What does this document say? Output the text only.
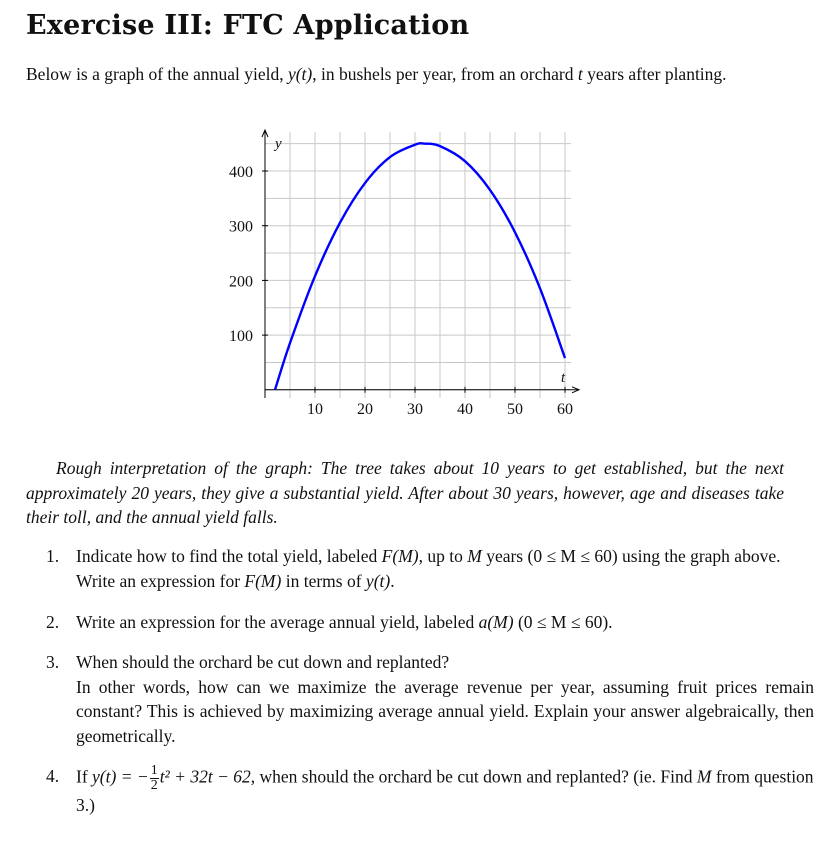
Exercise III: FTC Application
Below is a graph of the annual yield, y(t), in bushels per year, from an orchard t years after planting.
10 20 30 40 50 60
100
200
300
400
t
y
Rough interpretation of the graph: The tree takes about 10 years to get established, but the next approximately 20 years, they give a substantial yield. After about 30 years, however, age and diseases take their toll, and the annual yield falls.
1. Indicate how to find the total yield, labeled F(M), up to M years (0 ≤ M ≤ 60) using the graph above. Write an expression for F(M) in terms of y(t).
2. Write an expression for the average annual yield, labeled a(M) (0 ≤ M ≤ 60).
3. When should the orchard be cut down and replanted?
In other words, how can we maximize the average revenue per year, assuming fruit prices remain constant? This is achieved by maximizing average annual yield. Explain your answer algebraically, then geometrically.
4. If y(t) = − $\frac{1}{2} t^2 + 32t - 62$, when should the orchard be cut down and replanted? (ie. Find M from question 3.)
